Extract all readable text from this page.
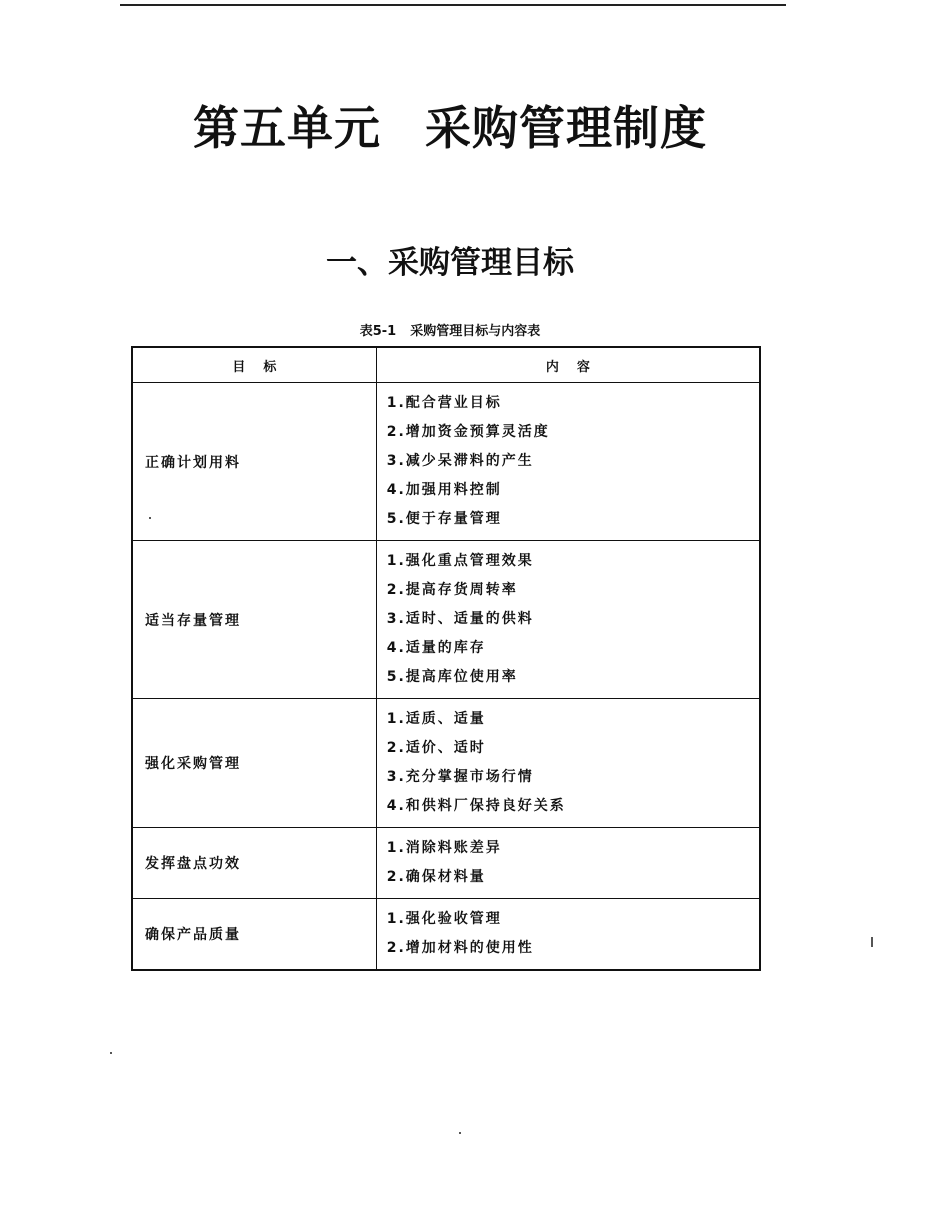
第五单元 采购管理制度
一、采购管理目标
表5-1 采购管理目标与内容表
目标	内容
正确计划用料	1.配合营业目标
2.增加资金预算灵活度
3.减少呆滞料的产生
4.加强用料控制
5.便于存量管理

适当存量管理	1.强化重点管理效果
2.提高存货周转率
3.适时、适量的供料
4.适量的库存
5.提高库位使用率

强化采购管理	1.适质、适量
2.适价、适时
3.充分掌握市场行情
4.和供料厂保持良好关系

发挥盘点功效	1.消除料账差异
2.确保材料量

确保产品质量	1.强化验收管理
2.增加材料的使用性
